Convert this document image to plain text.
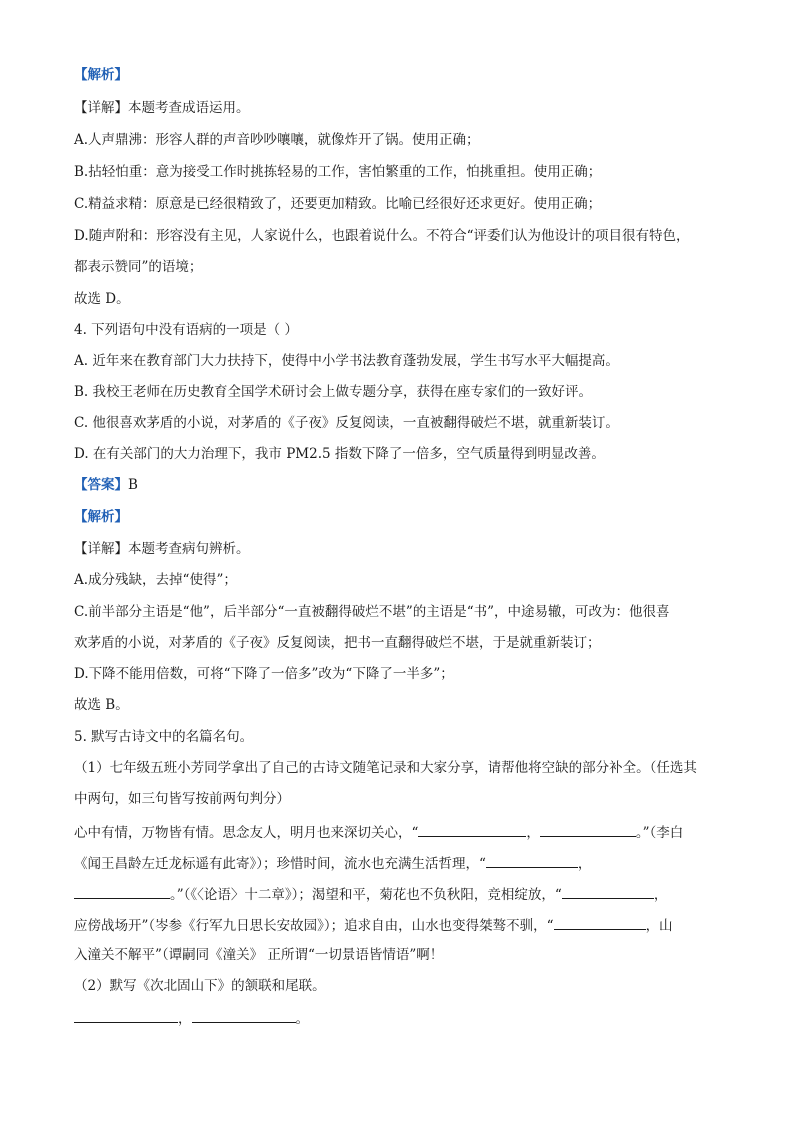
【解析】
【详解】本题考查成语运用。
A.人声鼎沸：形容人群的声音吵吵嚷嚷，就像炸开了锅。使用正确；
B.拈轻怕重：意为接受工作时挑拣轻易的工作，害怕繁重的工作，怕挑重担。使用正确；
C.精益求精：原意是已经很精致了，还要更加精致。比喻已经很好还求更好。使用正确；
D.随声附和：形容没有主见，人家说什么，也跟着说什么。不符合“评委们认为他设计的项目很有特色，
都表示赞同”的语境；
故选 D。
4. 下列语句中没有语病的一项是（ ）
A. 近年来在教育部门大力扶持下，使得中小学书法教育蓬勃发展，学生书写水平大幅提高。
B. 我校王老师在历史教育全国学术研讨会上做专题分享，获得在座专家们的一致好评。
C. 他很喜欢茅盾的小说，对茅盾的《子夜》反复阅读，一直被翻得破烂不堪，就重新装订。
D. 在有关部门的大力治理下，我市 PM2.5 指数下降了一倍多，空气质量得到明显改善。
【答案】B
【解析】
【详解】本题考查病句辨析。
A.成分残缺，去掉“使得”；
C.前半部分主语是“他”，后半部分“一直被翻得破烂不堪”的主语是“书”，中途易辙，可改为：他很喜
欢茅盾的小说，对茅盾的《子夜》反复阅读，把书一直翻得破烂不堪，于是就重新装订；
D.下降不能用倍数，可将“下降了一倍多”改为“下降了一半多”；
故选 B。
5. 默写古诗文中的名篇名句。
（1）七年级五班小芳同学拿出了自己的古诗文随笔记录和大家分享，请帮他将空缺的部分补全。（任选其
中两句，如三句皆写按前两句判分）
心中有情，万物皆有情。思念友人，明月也来深切关心，“	，	。”（李白
《闻王昌龄左迁龙标遥有此寄》）；珍惜时间，流水也充满生活哲理，“	，
。”（《〈论语〉十二章》）；渴望和平，菊花也不负秋阳，竞相绽放，“	，
应傍战场开”（岑参《行军九日思长安故园》）；追求自由，山水也变得桀骜不驯，“	，山
入潼关不解平”（谭嗣同《潼关》 正所谓“一切景语皆情语”啊！
（2）默写《次北固山下》的颔联和尾联。
，	。
